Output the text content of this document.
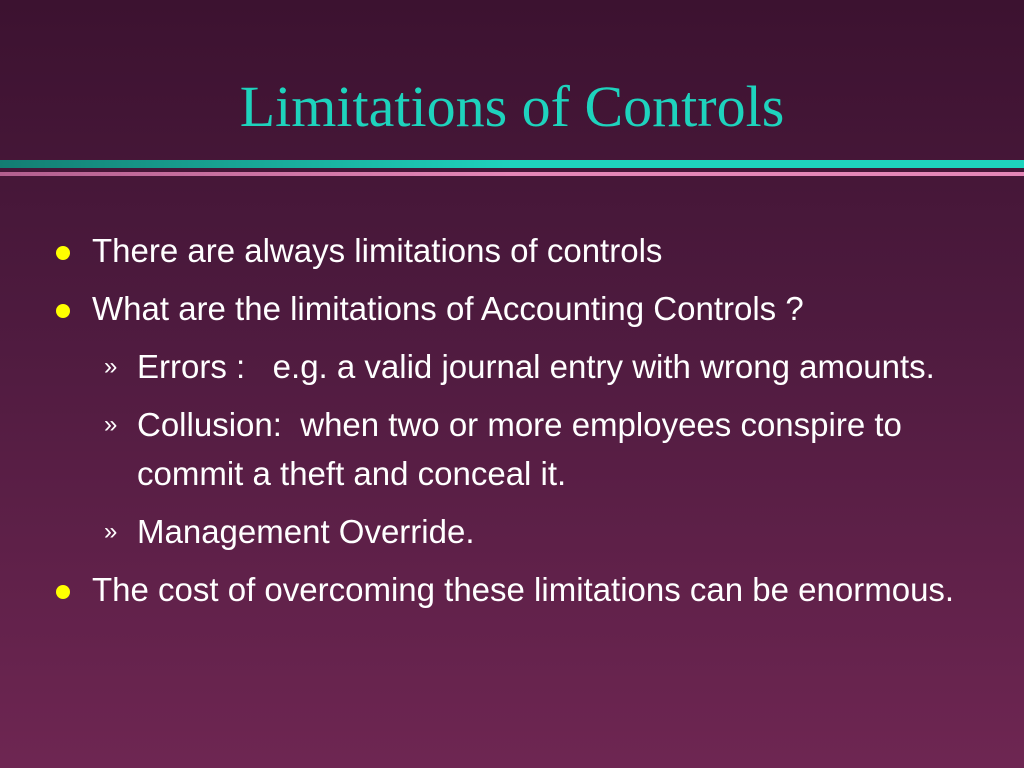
Limitations of Controls
There are always limitations of controls
What are the limitations of Accounting Controls ?
» Errors :   e.g. a valid journal entry with wrong amounts.
» Collusion:  when two or more employees conspire to commit a theft and conceal it.
» Management Override.
The cost of overcoming these limitations can be enormous.
